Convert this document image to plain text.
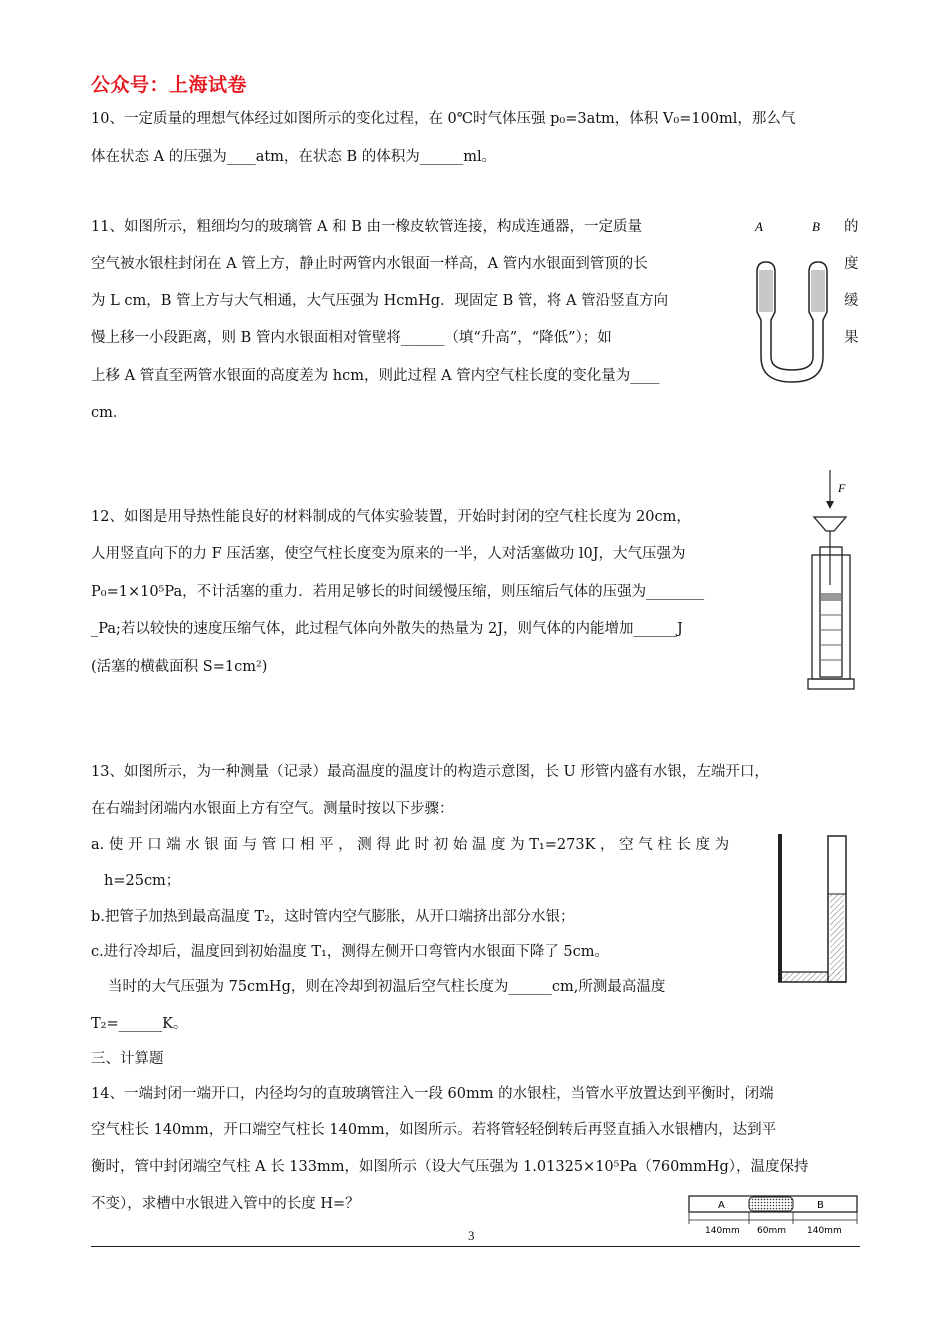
公众号：上海试卷
10、一定质量的理想气体经过如图所示的变化过程，在 0℃时气体压强 p₀=3atm，体积 V₀=100ml，那么气
体在状态 A 的压强为____atm，在状态 B 的体积为______ml。
11、如图所示，粗细均匀的玻璃管 A 和 B 由一橡皮软管连接，构成连通器，一定质量	的
空气被水银柱封闭在 A 管上方，静止时两管内水银面一样高，A 管内水银面到管顶的长	度
为 L cm，B 管上方与大气相通，大气压强为 HcmHg．现固定 B 管，将 A 管沿竖直方向	缓
慢上移一小段距离，则 B 管内水银面相对管壁将______（填“升高”，“降低”）；如	果
上移 A 管直至两管水银面的高度差为 hcm，则此过程 A 管内空气柱长度的变化量为____
cm．
A	B
12、如图是用导热性能良好的材料制成的气体实验装置，开始时封闭的空气柱长度为 20cm，
人用竖直向下的力 F 压活塞，使空气柱长度变为原来的一半，人对活塞做功 l0J，大气压强为
P₀=1×10⁵Pa，不计活塞的重力．若用足够长的时间缓慢压缩，则压缩后气体的压强为________
_Pa;若以较快的速度压缩气体，此过程气体向外散失的热量为 2J，则气体的内能增加______J
(活塞的横截面积 S=1cm²)
F
13、如图所示，为一种测量（记录）最高温度的温度计的构造示意图，长 U 形管内盛有水银，左端开口，
在右端封闭端内水银面上方有空气。测量时按以下步骤：
a. 使 开 口 端 水 银 面 与 管 口 相 平 ， 测 得 此 时 初 始 温 度 为 T₁=273K ， 空 气 柱 长 度 为
h=25cm；
b.把管子加热到最高温度 T₂，这时管内空气膨胀，从开口端挤出部分水银；
c.进行冷却后，温度回到初始温度 T₁，测得左侧开口弯管内水银面下降了 5cm。
当时的大气压强为 75cmHg，则在冷却到初温后空气柱长度为______cm,所测最高温度
T₂=______K。
三、计算题
14、一端封闭一端开口，内径均匀的直玻璃管注入一段 60mm 的水银柱，当管水平放置达到平衡时，闭端
空气柱长 140mm，开口端空气柱长 140mm，如图所示。若将管轻轻倒转后再竖直插入水银槽内，达到平
衡时，管中封闭端空气柱 A 长 133mm，如图所示（设大气压强为 1.01325×10⁵Pa（760mmHg），温度保持
不变），求槽中水银进入管中的长度 H=？	A	B
140mm 60mm 140mm
3
